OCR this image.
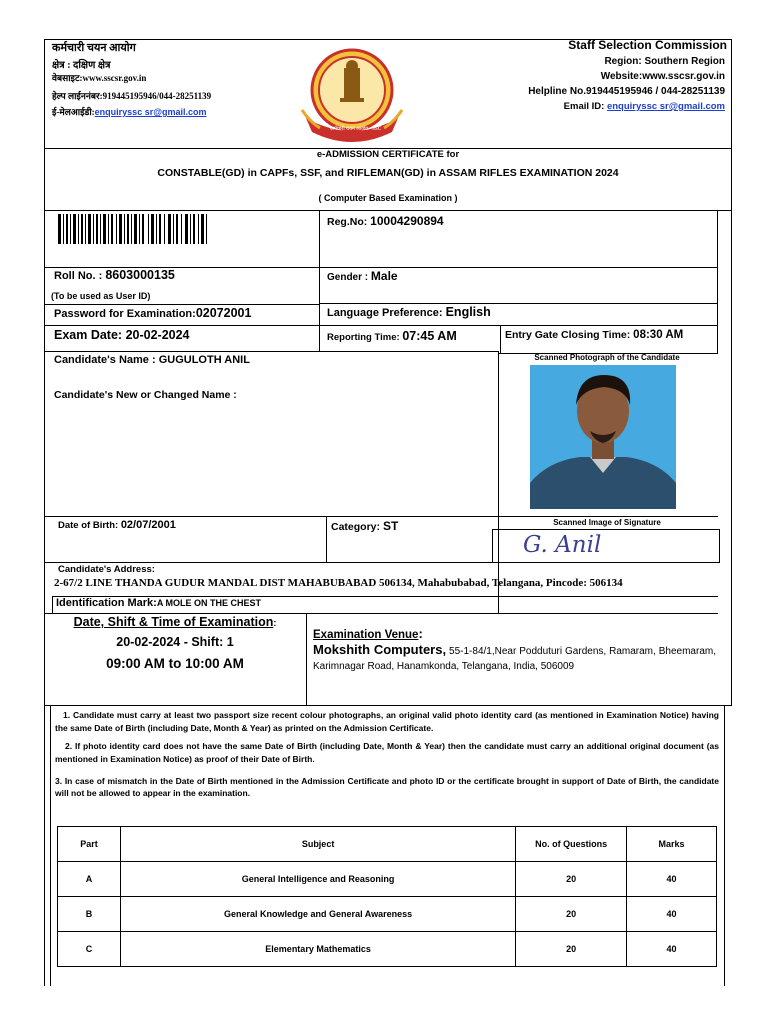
कर्मचारी चयन आयोग
क्षेत्र : दक्षिण क्षेत्र
वेबसाइट:www.sscsr.gov.in
हेल्प लाईननंबर:919445195946/044-28251139
ई-मेलआईडी:enquiryssc sr@gmail.com
कर्मचारी चयन आयोग · SSC
Staff Selection Commission
Region: Southern Region
Website:www.sscsr.gov.in
Helpline No.919445195946 / 044-28251139
Email ID: enquiryssc sr@gmail.com
e-ADMISSION CERTIFICATE for
CONSTABLE(GD) in CAPFs, SSF, and RIFLEMAN(GD) in ASSAM RIFLES EXAMINATION 2024
( Computer Based Examination )
Reg.No: 10004290894
Roll No. : 8603000135
(To be used as User ID)
Gender : Male
Password for Examination:02072001	Language Preference: English
Exam Date: 20-02-2024	Reporting Time: 07:45 AM	Entry Gate Closing Time: 08:30 AM
Candidate's Name : GUGULOTH ANIL
Candidate's New or Changed Name :
Scanned Photograph of the Candidate
Date of Birth: 02/07/2001	Category: ST	Scanned Image of Signature
G. Anil
Candidate's Address:
2-67/2 LINE THANDA GUDUR MANDAL DIST MAHABUBABAD 506134, Mahabubabad, Telangana, Pincode: 506134
Identification Mark:A MOLE ON THE CHEST
Date, Shift & Time of Examination:
20-02-2024 - Shift: 1
09:00 AM to 10:00 AM
Examination Venue:
Mokshith Computers, 55-1-84/1,Near Podduturi Gardens, Ramaram, Bheemaram, Karimnagar Road, Hanamkonda, Telangana, India, 506009
1. Candidate must carry at least two passport size recent colour photographs, an original valid photo identity card (as mentioned in Examination Notice) having the same Date of Birth (including Date, Month & Year) as printed on the Admission Certificate.
2. If photo identity card does not have the same Date of Birth (including Date, Month & Year) then the candidate must carry an additional original document (as mentioned in Examination Notice) as proof of their Date of Birth.
3. In case of mismatch in the Date of Birth mentioned in the Admission Certificate and photo ID or the certificate brought in support of Date of Birth, the candidate will not be allowed to appear in the examination.
Part	Subject	No. of Questions	Marks
A	General Intelligence and Reasoning	20	40
B	General Knowledge and General Awareness	20	40
C	Elementary Mathematics	20	40
